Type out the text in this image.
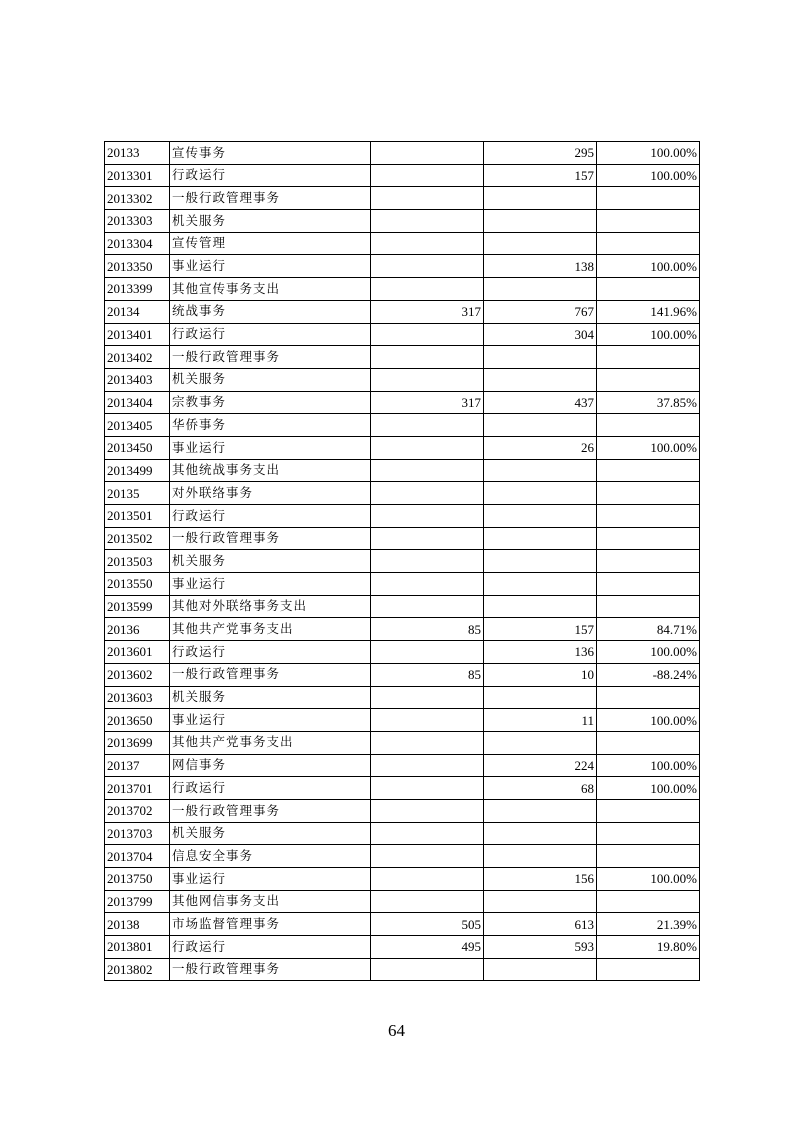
20133	宣传事务		295	100.00%
2013301	行政运行		157	100.00%
2013302	一般行政管理事务			
2013303	机关服务			
2013304	宣传管理			
2013350	事业运行		138	100.00%
2013399	其他宣传事务支出			
20134	统战事务	317	767	141.96%
2013401	行政运行		304	100.00%
2013402	一般行政管理事务			
2013403	机关服务			
2013404	宗教事务	317	437	37.85%
2013405	华侨事务			
2013450	事业运行		26	100.00%
2013499	其他统战事务支出			
20135	对外联络事务			
2013501	行政运行			
2013502	一般行政管理事务			
2013503	机关服务			
2013550	事业运行			
2013599	其他对外联络事务支出			
20136	其他共产党事务支出	85	157	84.71%
2013601	行政运行		136	100.00%
2013602	一般行政管理事务	85	10	-88.24%
2013603	机关服务			
2013650	事业运行		11	100.00%
2013699	其他共产党事务支出			
20137	网信事务		224	100.00%
2013701	行政运行		68	100.00%
2013702	一般行政管理事务			
2013703	机关服务			
2013704	信息安全事务			
2013750	事业运行		156	100.00%
2013799	其他网信事务支出			
20138	市场监督管理事务	505	613	21.39%
2013801	行政运行	495	593	19.80%
2013802	一般行政管理事务			
64
